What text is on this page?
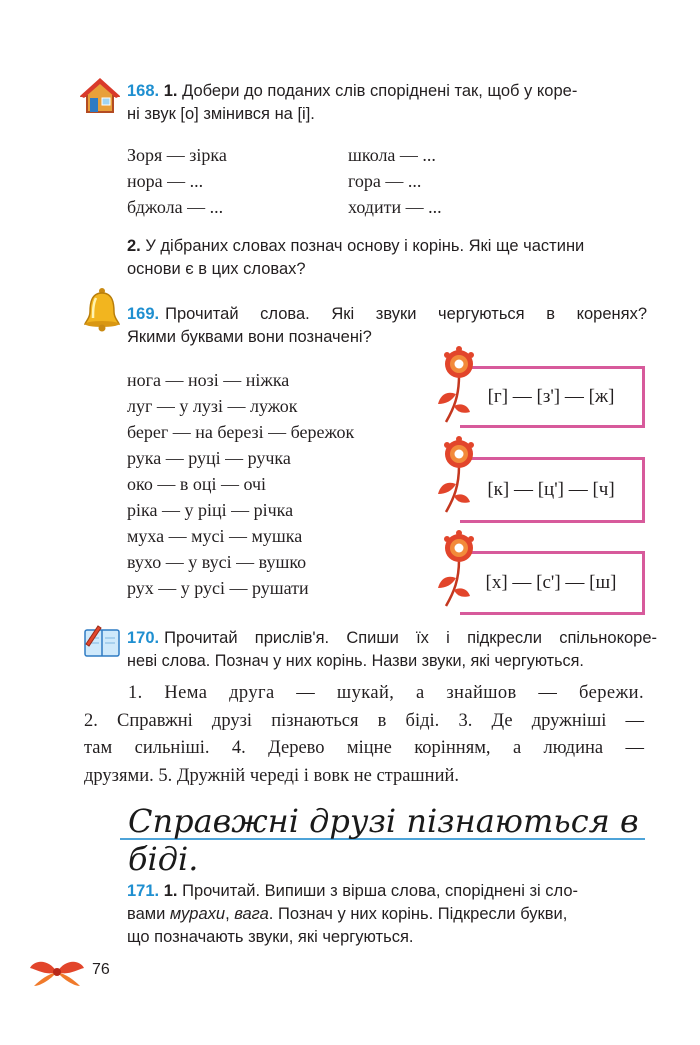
168. 1. Добери до поданих слів споріднені так, щоб у коре-
ні звук [о] змінився на [і].
Зоря — зірка
нора — ...
бджола — ...
школа — ...
гора — ...
ходити — ...
2. У дібраних словах познач основу і корінь. Які ще частини
основи є в цих словах?
169. Прочитай слова. Які звуки чергуються в коренях?
Якими буквами вони позначені?
нога — нозі — ніжка
луг — у лузі — лужок
берег — на березі — бережок
рука — руці — ручка
око — в оці — очі
ріка — у ріці — річка
муха — мусі — мушка
вухо — у вусі — вушко
рух — у русі — рушати
[г] — [з'] — [ж]
[к] — [ц'] — [ч]
[х] — [с'] — [ш]
170. Прочитай прислів'я. Спиши їх і підкресли спільнокоре-
неві слова. Познач у них корінь. Назви звуки, які чергуються.
1. Нема друга — шукай, а знайшов — бережи.
2. Справжні друзі пізнаються в біді. 3. Де дружніші —
там сильніші. 4. Дерево міцне корінням, а людина —
друзями. 5. Дружній череді і вовк не страшний.
Справжні друзі пізнаються в біді.
171. 1. Прочитай. Випиши з вірша слова, споріднені зі сло-
вами мурахи, вага. Познач у них корінь. Підкресли букви,
що позначають звуки, які чергуються.
76
